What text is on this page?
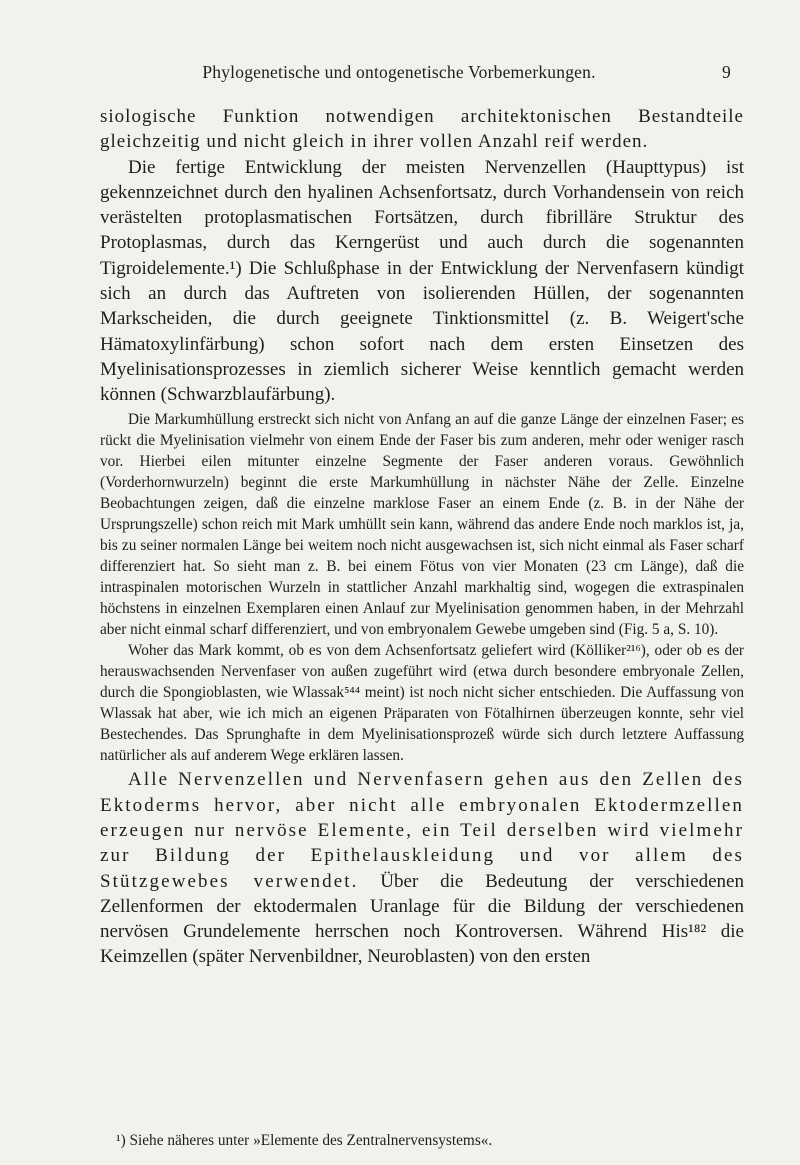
Phylogenetische und ontogenetische Vorbemerkungen.	9

siologische Funktion notwendigen architektonischen Bestandteile gleichzeitig und nicht gleich in ihrer vollen Anzahl reif werden.

Die fertige Entwicklung der meisten Nervenzellen (Haupttypus) ist gekennzeichnet durch den hyalinen Achsenfortsatz, durch Vorhandensein von reich verästelten protoplasmatischen Fortsätzen, durch fibrilläre Struktur des Protoplasmas, durch das Kerngerüst und auch durch die sogenannten Tigroidelemente.¹) Die Schlußphase in der Entwicklung der Nervenfasern kündigt sich an durch das Auftreten von isolierenden Hüllen, der sogenannten Markscheiden, die durch geeignete Tinktionsmittel (z. B. Weigert'sche Hämatoxylinfärbung) schon sofort nach dem ersten Einsetzen des Myelinisationsprozesses in ziemlich sicherer Weise kenntlich gemacht werden können (Schwarzblaufärbung).

Die Markumhüllung erstreckt sich nicht von Anfang an auf die ganze Länge der einzelnen Faser; es rückt die Myelinisation vielmehr von einem Ende der Faser bis zum anderen, mehr oder weniger rasch vor. Hierbei eilen mitunter einzelne Segmente der Faser anderen voraus. Gewöhnlich (Vorderhornwurzeln) beginnt die erste Markumhüllung in nächster Nähe der Zelle. Einzelne Beobachtungen zeigen, daß die einzelne marklose Faser an einem Ende (z. B. in der Nähe der Ursprungszelle) schon reich mit Mark umhüllt sein kann, während das andere Ende noch marklos ist, ja, bis zu seiner normalen Länge bei weitem noch nicht ausgewachsen ist, sich nicht einmal als Faser scharf differenziert hat. So sieht man z. B. bei einem Fötus von vier Monaten (23 cm Länge), daß die intraspinalen motorischen Wurzeln in stattlicher Anzahl markhaltig sind, wogegen die extraspinalen höchstens in einzelnen Exemplaren einen Anlauf zur Myelinisation genommen haben, in der Mehrzahl aber nicht einmal scharf differenziert, und von embryonalem Gewebe umgeben sind (Fig. 5 a, S. 10).

Woher das Mark kommt, ob es von dem Achsenfortsatz geliefert wird (Kölliker²¹⁶), oder ob es der herauswachsenden Nervenfaser von außen zugeführt wird (etwa durch besondere embryonale Zellen, durch die Spongioblasten, wie Wlassak⁵⁴⁴ meint) ist noch nicht sicher entschieden. Die Auffassung von Wlassak hat aber, wie ich mich an eigenen Präparaten von Fötalhirnen überzeugen konnte, sehr viel Bestechendes. Das Sprunghafte in dem Myelinisationsprozeß würde sich durch letztere Auffassung natürlicher als auf anderem Wege erklären lassen.

Alle Nervenzellen und Nervenfasern gehen aus den Zellen des Ektoderms hervor, aber nicht alle embryonalen Ektodermzellen erzeugen nur nervöse Elemente, ein Teil derselben wird vielmehr zur Bildung der Epithelauskleidung und vor allem des Stützgewebes verwendet. Über die Bedeutung der verschiedenen Zellenformen der ektodermalen Uranlage für die Bildung der verschiedenen nervösen Grundelemente herrschen noch Kontroversen. Während His¹⁸² die Keimzellen (später Nervenbildner, Neuroblasten) von den ersten

¹) Siehe näheres unter »Elemente des Zentralnervensystems«.
